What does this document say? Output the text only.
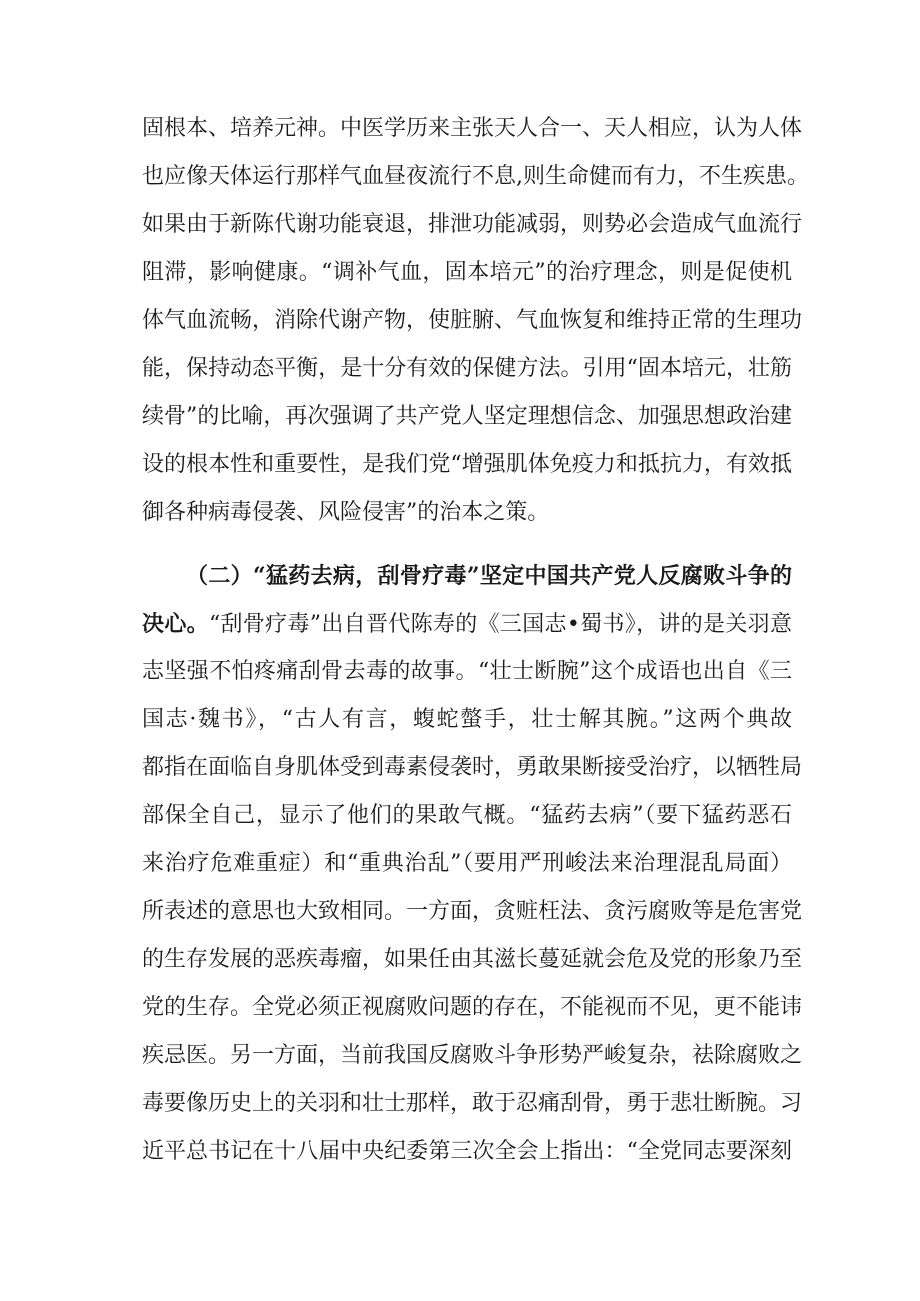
固根本、培养元神。中医学历来主张天人合一、天人相应，认为人体
也应像天体运行那样气血昼夜流行不息,则生命健而有力，不生疾患。
如果由于新陈代谢功能衰退，排泄功能减弱，则势必会造成气血流行
阻滞，影响健康。“调补气血，固本培元”的治疗理念，则是促使机
体气血流畅，消除代谢产物，使脏腑、气血恢复和维持正常的生理功
能，保持动态平衡，是十分有效的保健方法。引用“固本培元，壮筋
续骨”的比喻，再次强调了共产党人坚定理想信念、加强思想政治建
设的根本性和重要性，是我们党“增强肌体免疫力和抵抗力，有效抵
御各种病毒侵袭、风险侵害”的治本之策。
（二）“猛药去病，刮骨疗毒”坚定中国共产党人反腐败斗争的
决心。“刮骨疗毒”出自晋代陈寿的《三国志•蜀书》，讲的是关羽意
志坚强不怕疼痛刮骨去毒的故事。“壮士断腕”这个成语也出自《三
国志·魏书》，“古人有言，蝮蛇螫手，壮士解其腕。”这两个典故
都指在面临自身肌体受到毒素侵袭时，勇敢果断接受治疗，以牺牲局
部保全自己，显示了他们的果敢气概。“猛药去病”（要下猛药恶石
来治疗危难重症）和“重典治乱”（要用严刑峻法来治理混乱局面）
所表述的意思也大致相同。一方面，贪赃枉法、贪污腐败等是危害党
的生存发展的恶疾毒瘤，如果任由其滋长蔓延就会危及党的形象乃至
党的生存。全党必须正视腐败问题的存在，不能视而不见，更不能讳
疾忌医。另一方面，当前我国反腐败斗争形势严峻复杂，祛除腐败之
毒要像历史上的关羽和壮士那样，敢于忍痛刮骨，勇于悲壮断腕。习
近平总书记在十八届中央纪委第三次全会上指出：“全党同志要深刻
